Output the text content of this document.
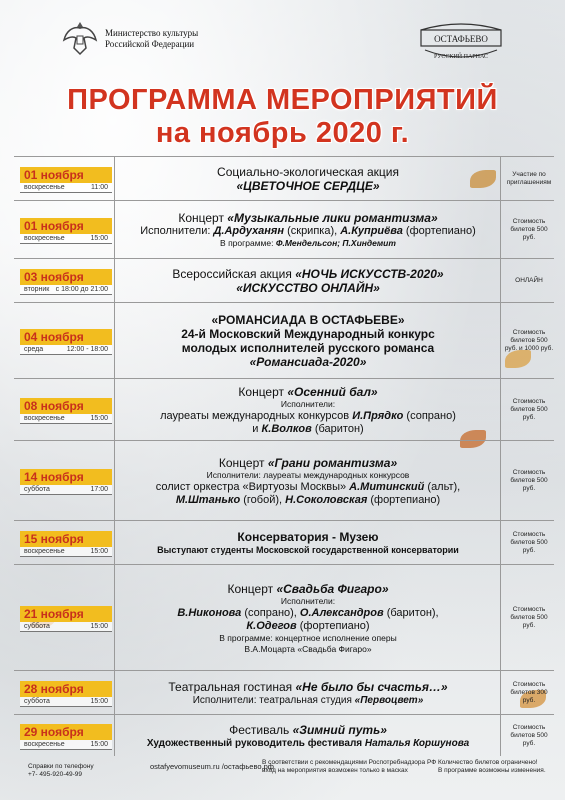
Министерство культуры
Российской Федерации	ОСТАФЬЕВО
РУССКИЙ ПАРНАС
ПРОГРАММА МЕРОПРИЯТИЙ
на ноябрь 2020 г.
01 ноября
воскресенье	11:00
Социально-экологическая акция
«ЦВЕТОЧНОЕ СЕРДЦЕ»
Участие по приглашениям
01 ноября
воскресенье	15:00
Концерт «Музыкальные лики романтизма»
Исполнители: Д.Ардуханян (скрипка), А.Куприёва (фортепиано)
В программе: Ф.Мендельсон; П.Хиндемит
Стоимость билетов 500 руб.
03 ноября
вторник с 18:00 до 21:00
Всероссийская акция «НОЧЬ ИСКУССТВ-2020»
«ИСКУССТВО ОНЛАЙН»
ОНЛАЙН
04 ноября
среда	12:00 - 18:00
«РОМАНСИАДА В ОСТАФЬЕВЕ»
24-й Московский Международный конкурс
молодых исполнителей русского романса
«Романсиада-2020»
Стоимость билетов 500 руб. и 1000 руб.
08 ноября
воскресенье	15:00
Концерт «Осенний бал»
Исполнители:
лауреаты международных конкурсов И.Прядко (сопрано)
и К.Волков (баритон)
Стоимость билетов 500 руб.
14 ноября
суббота	17:00
Концерт «Грани романтизма»
Исполнители: лауреаты международных конкурсов
солист оркестра «Виртуозы Москвы» А.Митинский (альт),
М.Штанько (гобой), Н.Соколовская (фортепиано)
Стоимость билетов 500 руб.
15 ноября
воскресенье	15:00
Консерватория - Музею
Выступают студенты Московской государственной консерватории
Стоимость билетов 500 руб.
21 ноября
суббота	15:00
Концерт «Свадьба Фигаро»
Исполнители:
В.Никонова (сопрано), О.Александров (баритон),
К.Одегов (фортепиано)
В программе: концертное исполнение оперы
В.А.Моцарта «Свадьба Фигаро»
Стоимость билетов 500 руб.
28 ноября
суббота	15:00
Театральная гостиная «Не было бы счастья…»
Исполнители: театральная студия «Первоцвет»
Стоимость билетов 300 руб.
29 ноября
воскресенье	15:00
Фестиваль «Зимний путь»
Художественный руководитель фестиваля Наталья Коршунова
Стоимость билетов 500 руб.
Справки по телефону
+7- 495-920-49-99
ostafyevomuseum.ru /остафьево.рф
В соответствии с рекомендациями Роспотребнадзора РФ
вход на мероприятия возможен только в масках
Количество билетов ограничено!
В программе возможны изменения.
